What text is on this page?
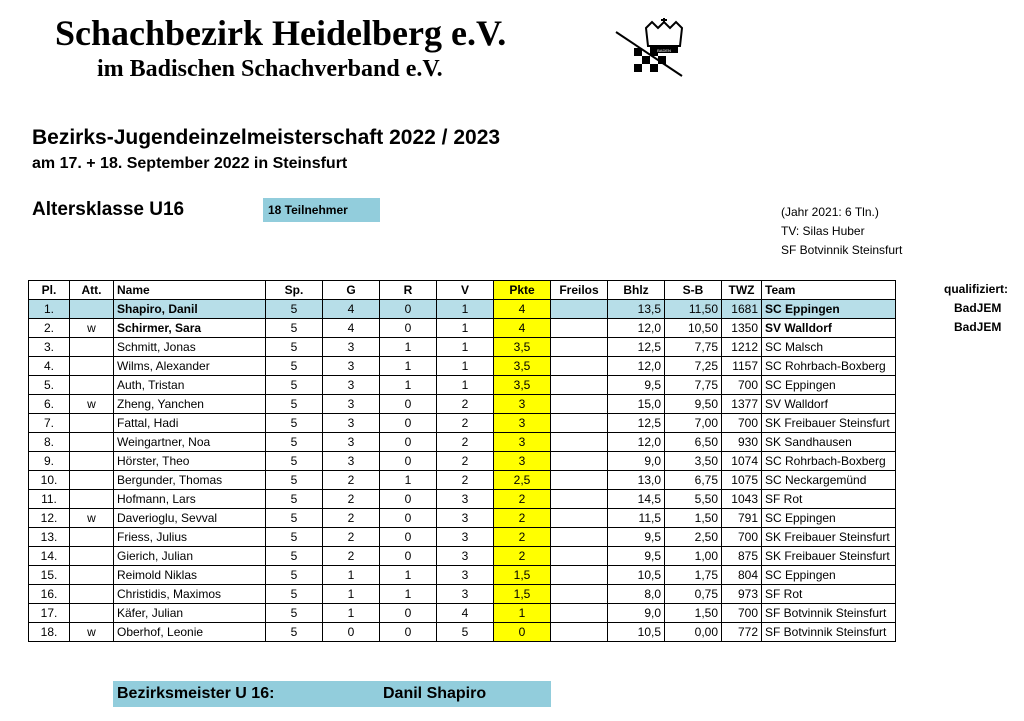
Schachbezirk Heidelberg e.V.
im Badischen Schachverband e.V.
BADEN
Bezirks-Jugendeinzelmeisterschaft 2022 / 2023
am 17. + 18. September 2022 in Steinsfurt
Altersklasse U16	18 Teilnehmer	(Jahr 2021: 6 Tln.)
TV: Silas Huber
SF Botvinnik Steinsfurt
qualifiziert:
BadJEM
BadJEM
Pl.	Att.	Name	Sp.	G	R	V	Pkte	Freilos	Bhlz	S-B	TWZ	Team
1.		Shapiro, Danil	5	4	0	1	4		13,5	11,50	1681	SC Eppingen
2.	w	Schirmer, Sara	5	4	0	1	4		12,0	10,50	1350	SV Walldorf
3.		Schmitt, Jonas	5	3	1	1	3,5		12,5	7,75	1212	SC Malsch
4.		Wilms, Alexander	5	3	1	1	3,5		12,0	7,25	1157	SC Rohrbach-Boxberg
5.		Auth, Tristan	5	3	1	1	3,5		9,5	7,75	700	SC Eppingen
6.	w	Zheng, Yanchen	5	3	0	2	3		15,0	9,50	1377	SV Walldorf
7.		Fattal, Hadi	5	3	0	2	3		12,5	7,00	700	SK Freibauer Steinsfurt
8.		Weingartner, Noa	5	3	0	2	3		12,0	6,50	930	SK Sandhausen
9.		Hörster, Theo	5	3	0	2	3		9,0	3,50	1074	SC Rohrbach-Boxberg
10.		Bergunder, Thomas	5	2	1	2	2,5		13,0	6,75	1075	SC Neckargemünd
11.		Hofmann, Lars	5	2	0	3	2		14,5	5,50	1043	SF Rot
12.	w	Daverioglu, Sevval	5	2	0	3	2		11,5	1,50	791	SC Eppingen
13.		Friess, Julius	5	2	0	3	2		9,5	2,50	700	SK Freibauer Steinsfurt
14.		Gierich, Julian	5	2	0	3	2		9,5	1,00	875	SK Freibauer Steinsfurt
15.		Reimold Niklas	5	1	1	3	1,5		10,5	1,75	804	SC Eppingen
16.		Christidis, Maximos	5	1	1	3	1,5		8,0	0,75	973	SF Rot
17.		Käfer, Julian	5	1	0	4	1		9,0	1,50	700	SF Botvinnik Steinsfurt
18.	w	Oberhof, Leonie	5	0	0	5	0		10,5	0,00	772	SF Botvinnik Steinsfurt
Bezirksmeister U 16:	Danil Shapiro
